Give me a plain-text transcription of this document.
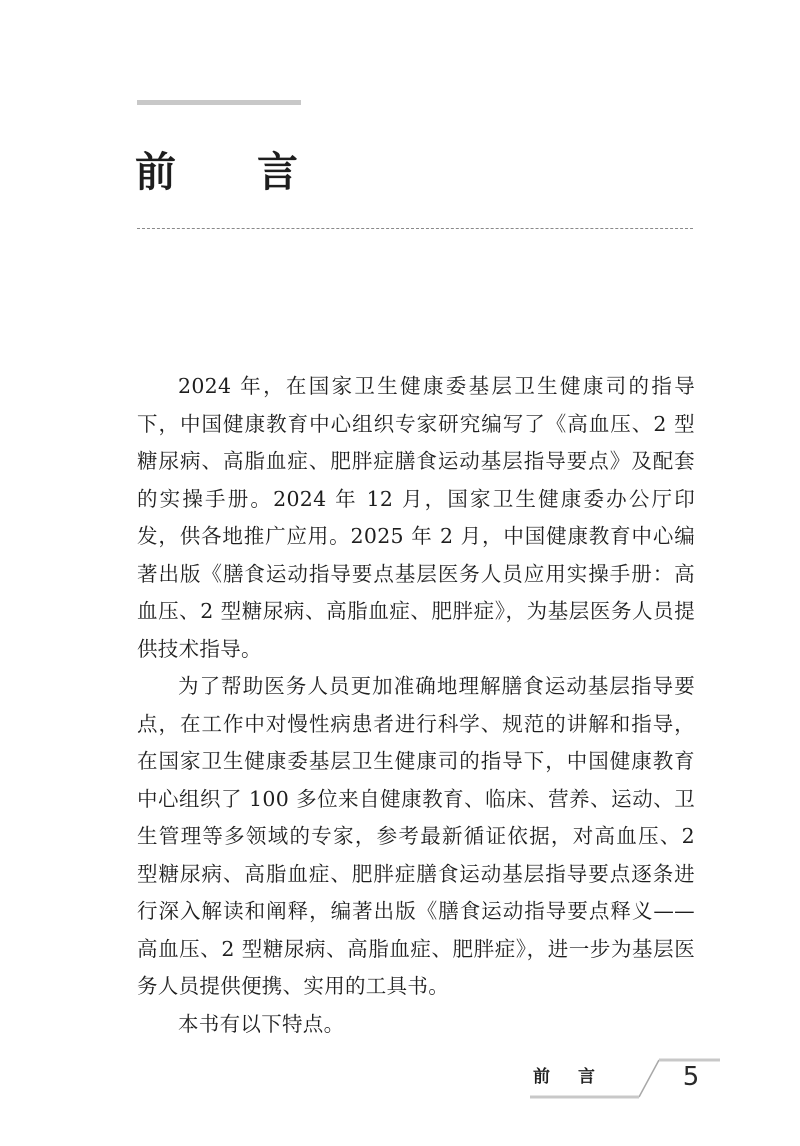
前言

2024 年，在国家卫生健康委基层卫生健康司的指导下，中国健康教育中心组织专家研究编写了《高血压、2 型糖尿病、高脂血症、肥胖症膳食运动基层指导要点》及配套的实操手册。2024 年 12 月，国家卫生健康委办公厅印发，供各地推广应用。2025 年 2 月，中国健康教育中心编著出版《膳食运动指导要点基层医务人员应用实操手册：高血压、2 型糖尿病、高脂血症、肥胖症》，为基层医务人员提供技术指导。

为了帮助医务人员更加准确地理解膳食运动基层指导要点，在工作中对慢性病患者进行科学、规范的讲解和指导，在国家卫生健康委基层卫生健康司的指导下，中国健康教育中心组织了 100 多位来自健康教育、临床、营养、运动、卫生管理等多领域的专家，参考最新循证依据，对高血压、2 型糖尿病、高脂血症、肥胖症膳食运动基层指导要点逐条进行深入解读和阐释，编著出版《膳食运动指导要点释义——高血压、2 型糖尿病、高脂血症、肥胖症》，进一步为基层医务人员提供便携、实用的工具书。

本书有以下特点。

前言 5
